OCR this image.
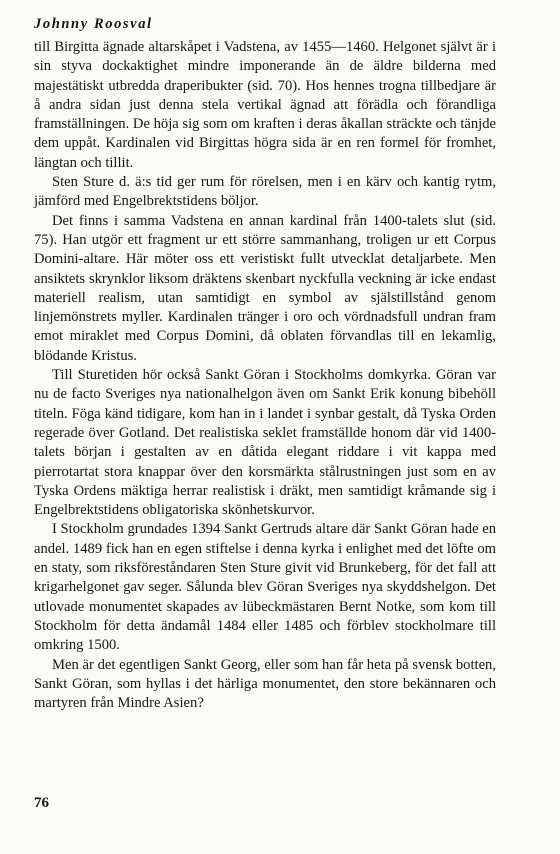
Johnny Roosval

till Birgitta ägnade altarskåpet i Vadstena, av 1455—1460. Helgonet självt är i sin styva dockaktighet mindre imponerande än de äldre bilderna med majestätiskt utbredda draperibukter (sid. 70). Hos hennes trogna tillbedjare är å andra sidan just denna stela vertikal ägnad att förädla och förandliga framställningen. De höja sig som om kraften i deras åkallan sträckte och tänjde dem uppåt. Kardinalen vid Birgittas högra sida är en ren formel för fromhet, längtan och tillit.

Sten Sture d. ä:s tid ger rum för rörelsen, men i en kärv och kantig rytm, jämförd med Engelbrektstidens böljor.

Det finns i samma Vadstena en annan kardinal från 1400-talets slut (sid. 75). Han utgör ett fragment ur ett större sammanhang, troligen ur ett Corpus Domini-altare. Här möter oss ett veristiskt fullt utvecklat detaljarbete. Men ansiktets skrynklor liksom dräktens skenbart nyckfulla veckning är icke endast materiell realism, utan samtidigt en symbol av själstillstånd genom linjemönstrets myller. Kardinalen tränger i oro och vördnadsfull undran fram emot miraklet med Corpus Domini, då oblaten förvandlas till en lekamlig, blödande Kristus.

Till Sturetiden hör också Sankt Göran i Stockholms domkyrka. Göran var nu de facto Sveriges nya nationalhelgon även om Sankt Erik konung bibehöll titeln. Föga känd tidigare, kom han in i landet i synbar gestalt, då Tyska Orden regerade över Gotland. Det realistiska seklet framställde honom där vid 1400-talets början i gestalten av en dåtida elegant riddare i vit kappa med pierrotartat stora knappar över den korsmärkta stålrustningen just som en av Tyska Ordens mäktiga herrar realistisk i dräkt, men samtidigt kråmande sig i Engelbrektstidens obligatoriska skönhetskurvor.

I Stockholm grundades 1394 Sankt Gertruds altare där Sankt Göran hade en andel. 1489 fick han en egen stiftelse i denna kyrka i enlighet med det löfte om en staty, som riksföreståndaren Sten Sture givit vid Brunkeberg, för det fall att krigarhelgonet gav seger. Sålunda blev Göran Sveriges nya skyddshelgon. Det utlovade monumentet skapades av lübeckmästaren Bernt Notke, som kom till Stockholm för detta ändamål 1484 eller 1485 och förblev stockholmare till omkring 1500.

Men är det egentligen Sankt Georg, eller som han får heta på svensk botten, Sankt Göran, som hyllas i det härliga monumentet, den store bekännaren och martyren från Mindre Asien?

76
